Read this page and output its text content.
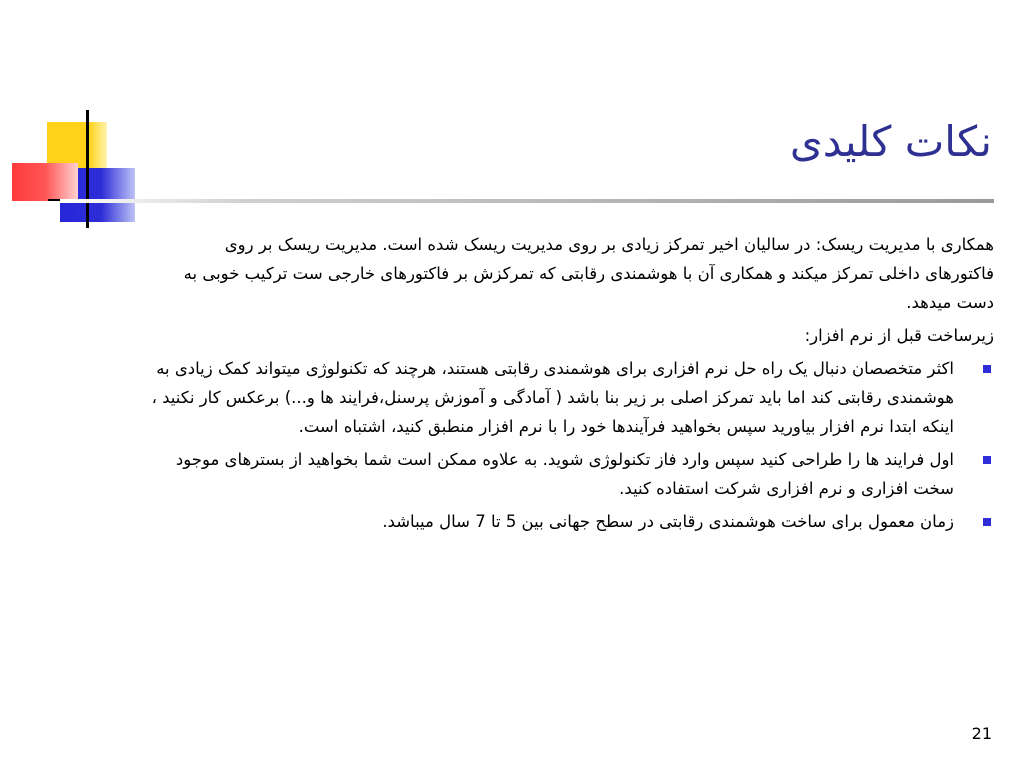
نکات کلیدی

همکاری با مدیریت ریسک: در سالیان اخیر تمرکز زیادی بر روی مدیریت ریسک شده است. مدیریت ریسک بر روی فاکتورهای داخلی تمرکز میکند و همکاری آن با هوشمندی رقابتی که تمرکزش بر فاکتورهای خارجی ست ترکیب خوبی به دست میدهد.

زیرساخت قبل از نرم افزار:

اکثر متخصصان دنبال یک راه حل نرم افزاری برای هوشمندی رقابتی هستند، هرچند که تکنولوژی میتواند کمک زیادی به هوشمندی رقابتی کند اما باید تمرکز اصلی بر زیر بنا باشد ( آمادگی و آموزش پرسنل،فرایند ها و...) برعکس کار نکنید ، اینکه ابتدا نرم افزار بیاورید سپس بخواهید فرآیندها خود را با نرم افزار منطبق کنید، اشتباه است.
اول فرایند ها را طراحی کنید سپس وارد فاز تکنولوژی شوید. به علاوه ممکن است شما بخواهید از بسترهای موجود سخت افزاری و نرم افزاری شرکت استفاده کنید.
زمان معمول برای ساخت هوشمندی رقابتی در سطح جهانی بین 5 تا 7 سال میباشد.
21
